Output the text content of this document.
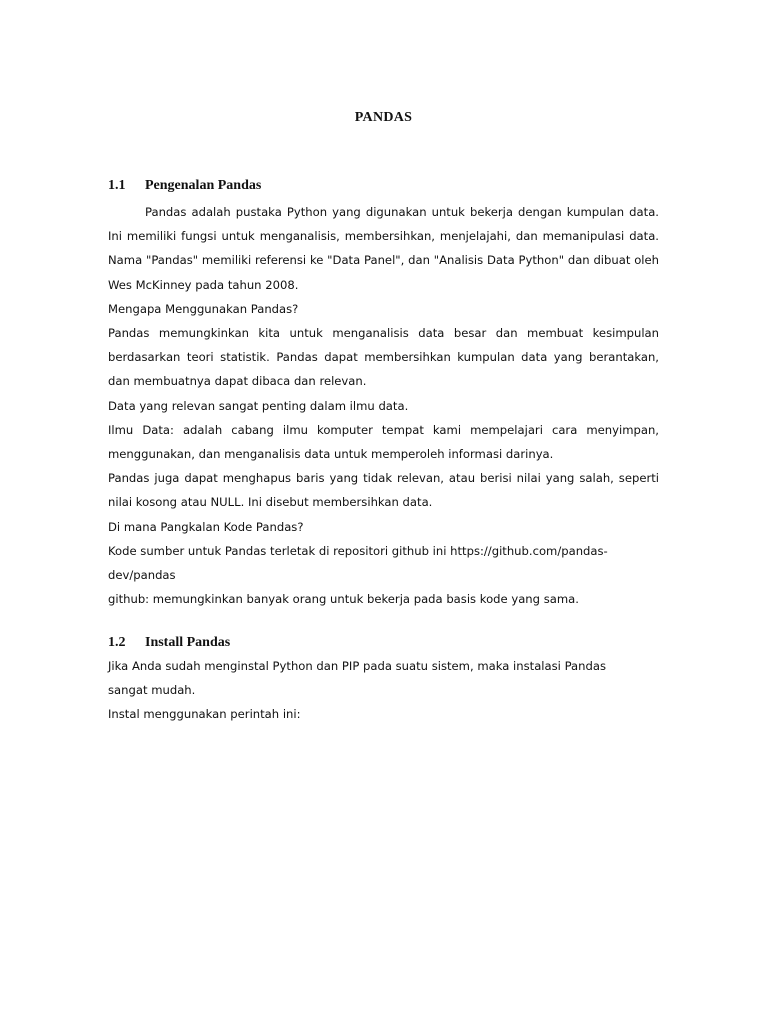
PANDAS
1.1 Pengenalan Pandas

Pandas adalah pustaka Python yang digunakan untuk bekerja dengan kumpulan data. Ini memiliki fungsi untuk menganalisis, membersihkan, menjelajahi, dan memanipulasi data. Nama "Pandas" memiliki referensi ke "Data Panel", dan "Analisis Data Python" dan dibuat oleh Wes McKinney pada tahun 2008.

Mengapa Menggunakan Pandas?

Pandas memungkinkan kita untuk menganalisis data besar dan membuat kesimpulan berdasarkan teori statistik. Pandas dapat membersihkan kumpulan data yang berantakan, dan membuatnya dapat dibaca dan relevan.

Data yang relevan sangat penting dalam ilmu data.

Ilmu Data: adalah cabang ilmu komputer tempat kami mempelajari cara menyimpan, menggunakan, dan menganalisis data untuk memperoleh informasi darinya.

Pandas juga dapat menghapus baris yang tidak relevan, atau berisi nilai yang salah, seperti nilai kosong atau NULL. Ini disebut membersihkan data.

Di mana Pangkalan Kode Pandas?

Kode sumber untuk Pandas terletak di repositori github ini https://github.com/pandas-

dev/pandas

github: memungkinkan banyak orang untuk bekerja pada basis kode yang sama.

1.2 Install Pandas

Jika Anda sudah menginstal Python dan PIP pada suatu sistem, maka instalasi Pandas sangat mudah.

Instal menggunakan perintah ini:
